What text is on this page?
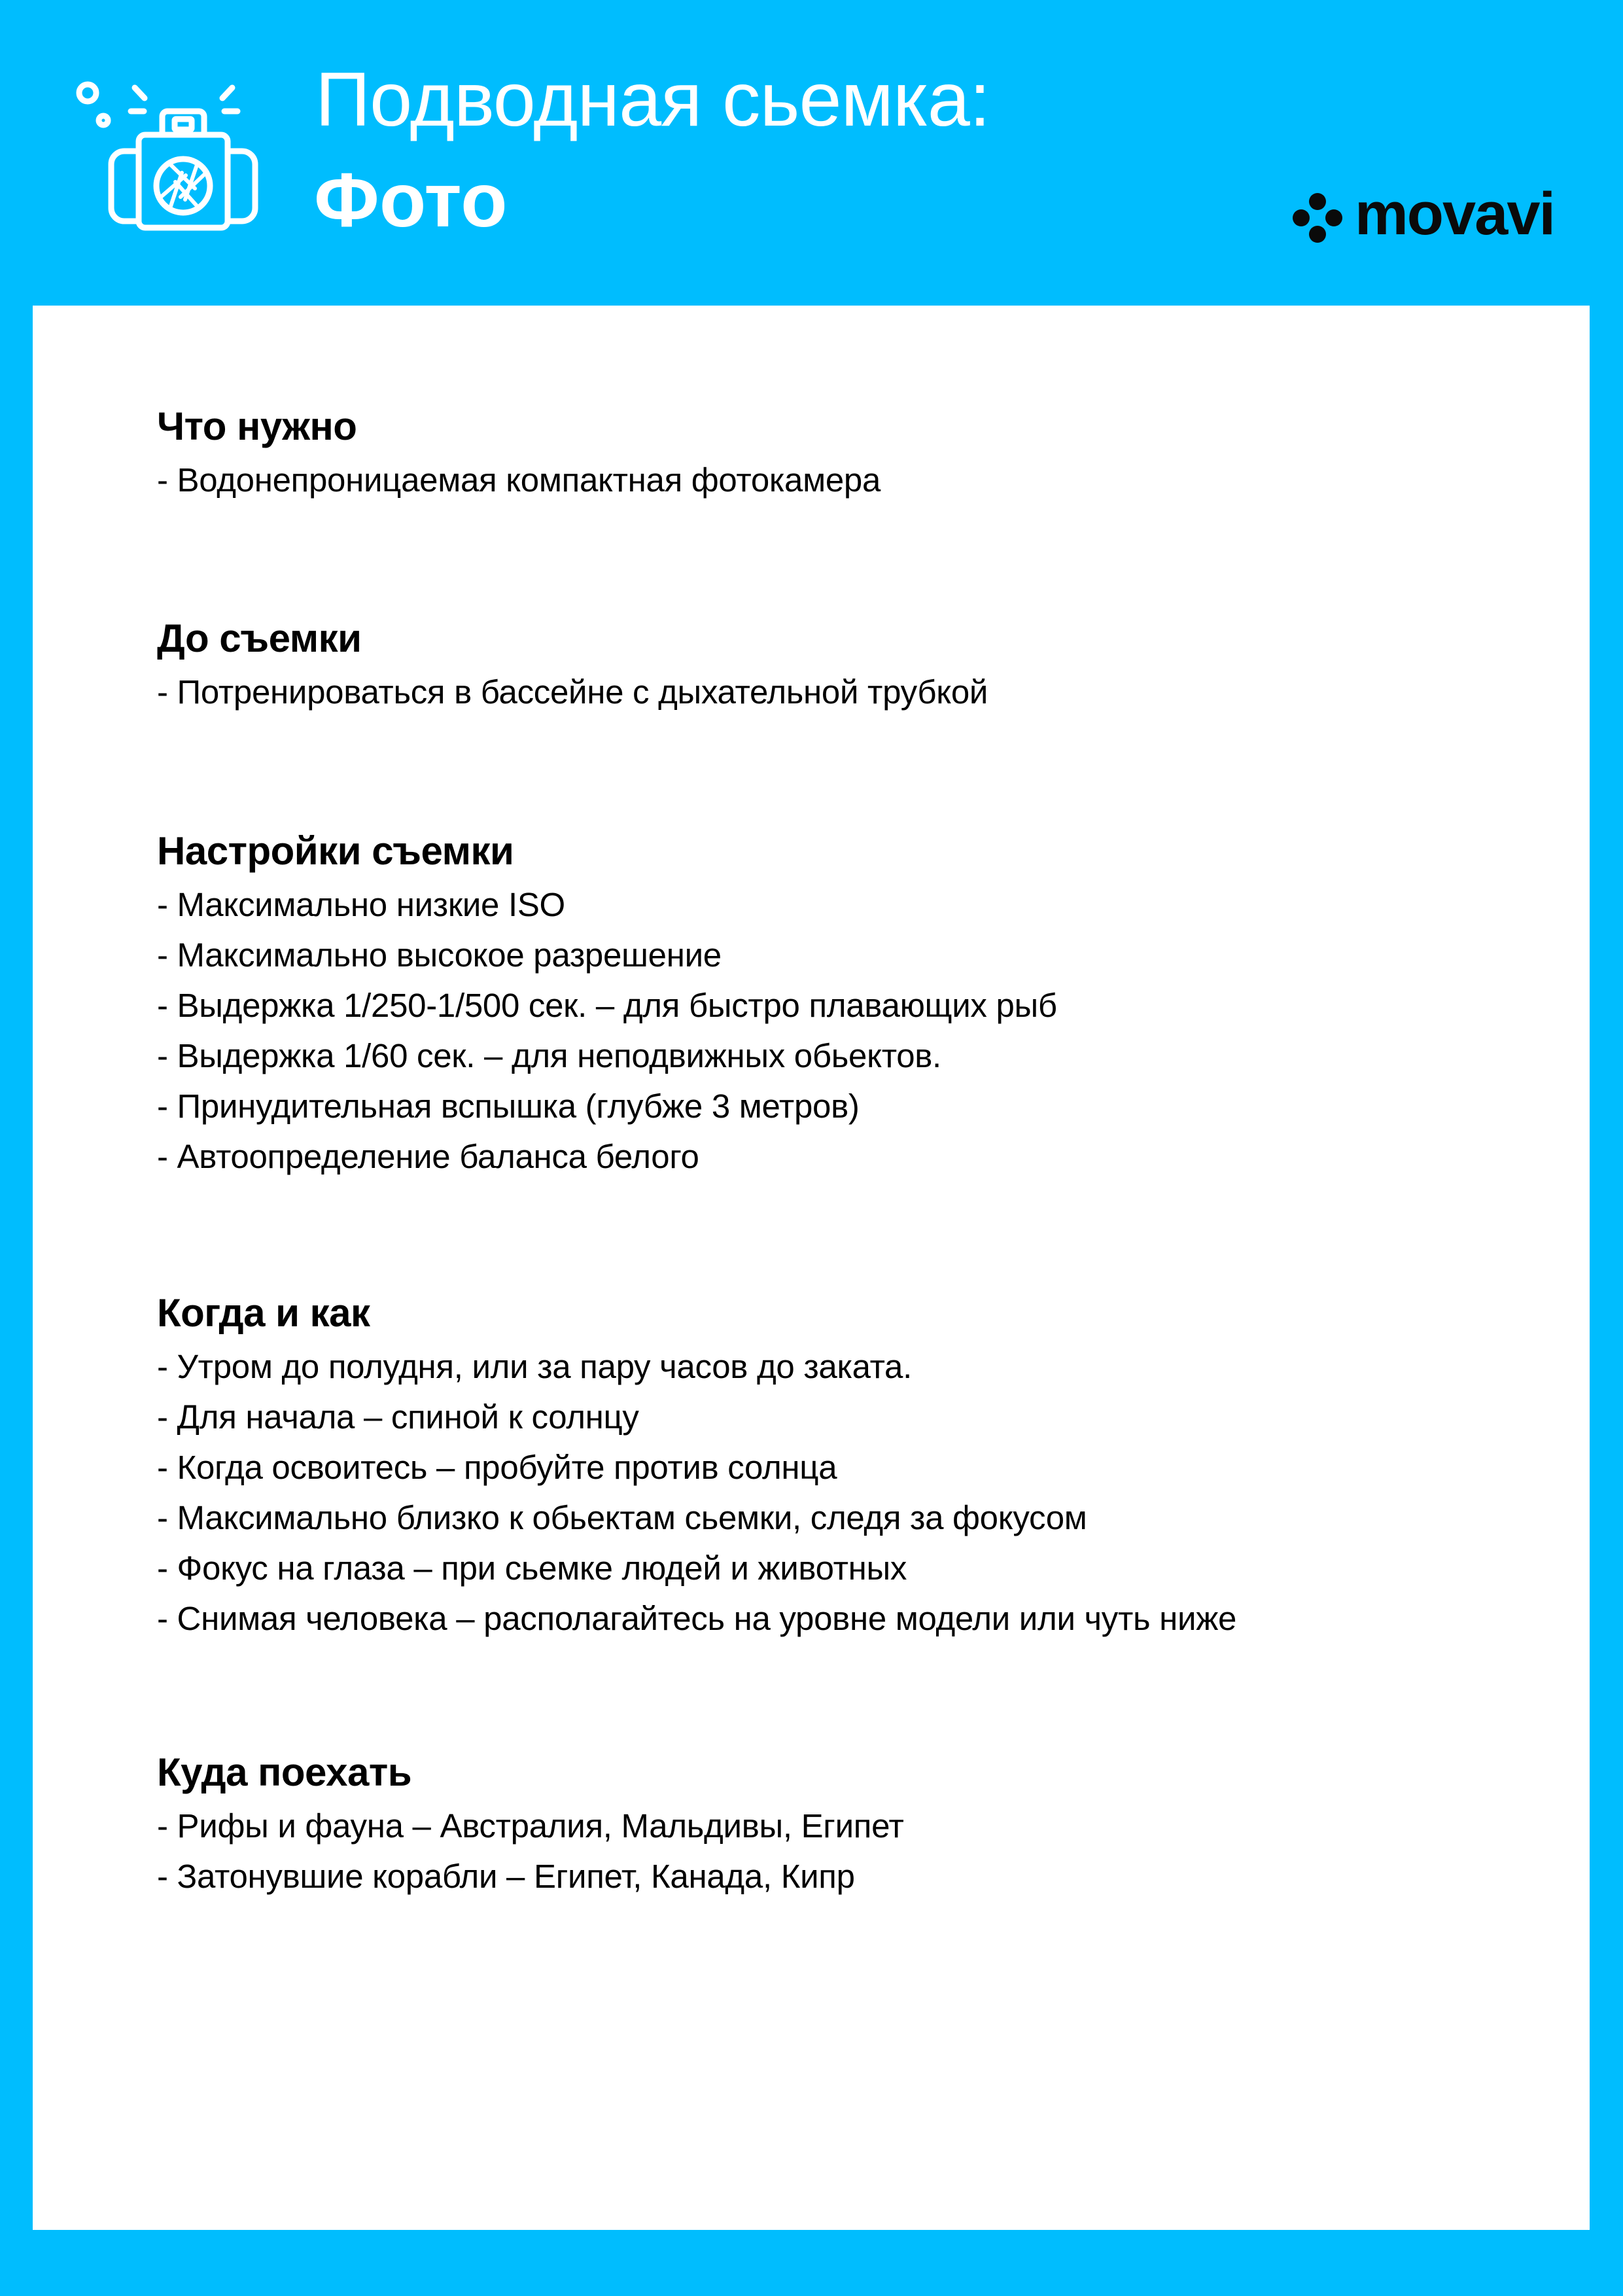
Подводная сьемка:
Фото	movavi
Что нужно
- Водонепроницаемая компактная фотокамера
До съемки
- Потренироваться в бассейне с дыхательной трубкой
Настройки съемки
- Максимально низкие ISO
- Максимально высокое разрешение
- Выдержка 1/250-1/500 сек. – для быстро плавающих рыб
- Выдержка 1/60 сек. – для неподвижных обьектов.
- Принудительная вспышка (глубже 3 метров)
- Автоопределение баланса белого
Когда и как
- Утром до полудня, или за пару часов до заката.
- Для начала – спиной к солнцу
- Когда освоитесь – пробуйте против солнца
- Максимально близко к обьектам сьемки, следя за фокусом
- Фокус на глаза – при сьемке людей и животных
- Снимая человека – располагайтесь на уровне модели или чуть ниже
Куда поехать
- Рифы и фауна – Австралия, Мальдивы, Египет
- Затонувшие корабли – Египет, Канада, Кипр
